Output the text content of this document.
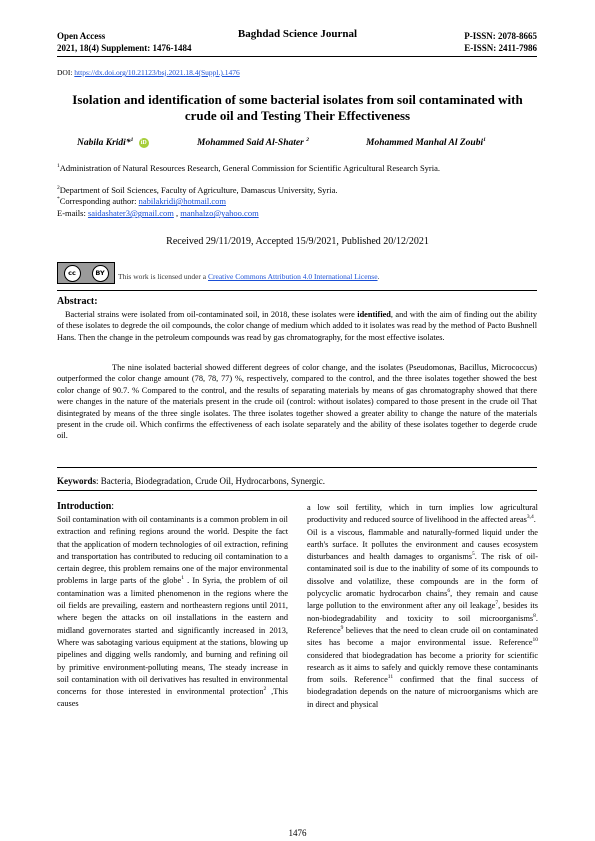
Open Access
2021, 18(4) Supplement: 1476-1484
Baghdad Science Journal	P-ISSN: 2078-8665
E-ISSN: 2411-7986
DOI: https://dx.doi.org/10.21123/bsj.2021.18.4(Suppl.).1476
Isolation and identification of some bacterial isolates from soil contaminated with crude oil and Testing Their Effectiveness
Nabila Kridi*$^1$ iD	Mohammed Said Al-Shater $^2$	Mohammed Manhal Al Zoubi$^1$
$^1$Administration of Natural Resources Research, General Commission for Scientific Agricultural Research Syria.
$^2$Department of Soil Sciences, Faculty of Agriculture, Damascus University, Syria.
*Corresponding author: nabilakridi@hotmail.com
E-mails: saidashater3@gmail.com , manhalzo@yahoo.com
Received 29/11/2019, Accepted 15/9/2021, Published 20/12/2021
cc	BY	This work is licensed under a Creative Commons Attribution 4.0 International License.
Abstract:
Bacterial strains were isolated from oil-contaminated soil, in 2018, these isolates were identified, and with the aim of finding out the ability of these isolates to degrede the oil compounds, the color change of medium which added to it isolates was read by the method of Pacto Bushnell Hans. Then the change in the petroleum compounds was read by gas chromatography, for the most effective isolates.
The nine isolated bacterial showed different degrees of color change, and the isolates (Pseudomonas, Bacillus, Micrococcus) outperformed the color change amount (78, 78, 77) %, respectively, compared to the control, and the three isolates together showed the best color change of 90.7. % Compared to the control, and the results of separating materials by means of gas chromatography showed that there were changes in the nature of the materials present in the crude oil (control: without isolates) compared to those present in the crude oil That disintegrated by means of the three single isolates. The three isolates together showed a greater ability to change the nature of the materials present in the crude oil. Which confirms the effectiveness of each isolate separately and the ability of these isolates together to degerde crude oil.
Keywords: Bacteria, Biodegradation, Crude Oil, Hydrocarbons, Synergic.
Introduction:

Soil contamination with oil contaminants is a common problem in oil extraction and refining regions around the world. Despite the fact that the application of modern technologies of oil extraction, refining and transportation has contributed to reducing oil contamination to a certain degree, this problem remains one of the major environmental problems in large parts of the globe$^1$ . In Syria, the problem of oil contamination was a limited phenomenon in the regions where the oil fields are prevailing, eastern and northeastern regions until 2011, where begen the attacks on oil installations in the eastern and midland governorates started and significantly increased in 2013, Where was sabotaging various equipment at the stations, blowing up pipelines and digging wells randomly, and burning and refining oil by primitive environment-polluting means, The steady increase in soil contamination with oil derivatives has resulted in environmental concerns for those interested in environmental protection$^2$ ,This causes

a low soil fertility, which in turn implies low agricultural productivity and reduced source of livelihood in the affected areas$^{3,4}$.

Oil is a viscous, flammable and naturally-formed liquid under the earth's surface. It pollutes the environment and causes ecosystem disturbances and health damages to organisms$^5$. The risk of oil-contaminated soil is due to the inability of some of its compounds to dissolve and volatilize, these compounds are in the form of polycyclic aromatic hydrocarbon chains$^6$, they remain and cause large pollution to the environment after any oil leakage$^7$, besides its non-biodegradability and toxicity to soil microorganisms$^8$. Reference$^9$ believes that the need to clean crude oil on contaminated sites has become a major environmental issue. Reference$^{10}$ considered that biodegradation has become a priority for scientific research as it aims to safely and quickly remove these contaminants from soils. Reference$^{11}$ confirmed that the final success of biodegradation depends on the nature of microorganisms which are in direct and physical

1476
